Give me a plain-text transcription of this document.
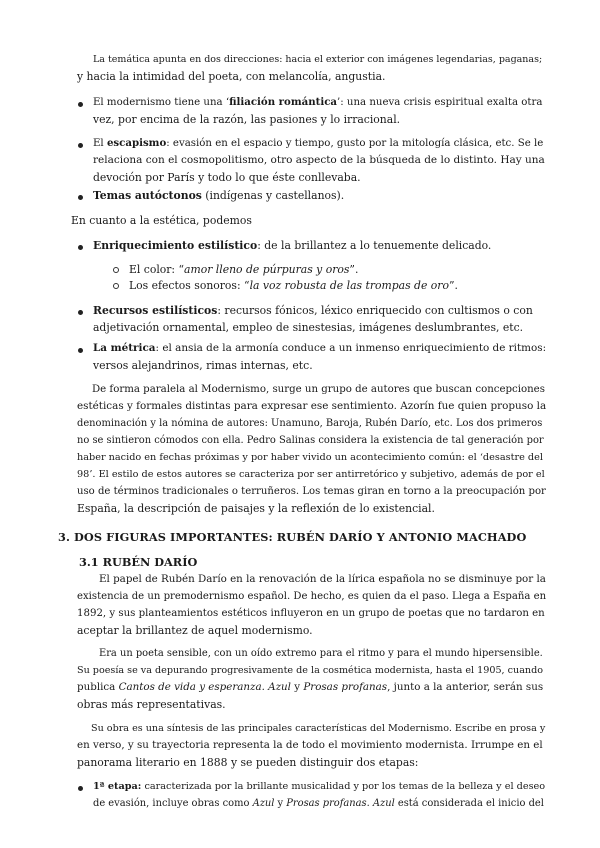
La temática apunta en dos direcciones: hacia el exterior con imágenes legendarias, paganas;
y hacia la intimidad del poeta, con melancolía, angustia.
El modernismo tiene una ‘filiación romántica’: una nueva crisis espiritual exalta otra
vez, por encima de la razón, las pasiones y lo irracional.
El escapismo: evasión en el espacio y tiempo, gusto por la mitología clásica, etc. Se le
relaciona con el cosmopolitismo, otro aspecto de la búsqueda de lo distinto. Hay una
devoción por París y todo lo que éste conllevaba.
Temas autóctonos (indígenas y castellanos).
En cuanto a la estética, podemos
Enriquecimiento estilístico: de la brillantez a lo tenuemente delicado.
El color: “amor lleno de púrpuras y oros”.
Los efectos sonoros: “la voz robusta de las trompas de oro”.
Recursos estilísticos: recursos fónicos, léxico enriquecido con cultismos o con
adjetivación ornamental, empleo de sinestesias, imágenes deslumbrantes, etc.
La métrica: el ansia de la armonía conduce a un inmenso enriquecimiento de ritmos:
versos alejandrinos, rimas internas, etc.
De forma paralela al Modernismo, surge un grupo de autores que buscan concepciones
estéticas y formales distintas para expresar ese sentimiento. Azorín fue quien propuso la
denominación y la nómina de autores: Unamuno, Baroja, Rubén Darío, etc. Los dos primeros
no se sintieron cómodos con ella. Pedro Salinas considera la existencia de tal generación por
haber nacido en fechas próximas y por haber vivido un acontecimiento común: el ‘desastre del
98’. El estilo de estos autores se caracteriza por ser antirretórico y subjetivo, además de por el
uso de términos tradicionales o terruñeros. Los temas giran en torno a la preocupación por
España, la descripción de paisajes y la reflexión de lo existencial.
3. DOS FIGURAS IMPORTANTES: RUBÉN DARÍO Y ANTONIO MACHADO
3.1 RUBÉN DARÍO
El papel de Rubén Darío en la renovación de la lírica española no se disminuye por la
existencia de un premodernismo español. De hecho, es quien da el paso. Llega a España en
1892, y sus planteamientos estéticos influyeron en un grupo de poetas que no tardaron en
aceptar la brillantez de aquel modernismo.
Era un poeta sensible, con un oído extremo para el ritmo y para el mundo hipersensible.
Su poesía se va depurando progresivamente de la cosmética modernista, hasta el 1905, cuando
publica Cantos de vida y esperanza. Azul y Prosas profanas, junto a la anterior, serán sus
obras más representativas.
Su obra es una síntesis de las principales características del Modernismo. Escribe en prosa y
en verso, y su trayectoria representa la de todo el movimiento modernista. Irrumpe en el
panorama literario en 1888 y se pueden distinguir dos etapas:
1ª etapa: caracterizada por la brillante musicalidad y por los temas de la belleza y el deseo
de evasión, incluye obras como Azul y Prosas profanas. Azul está considerada el inicio del
